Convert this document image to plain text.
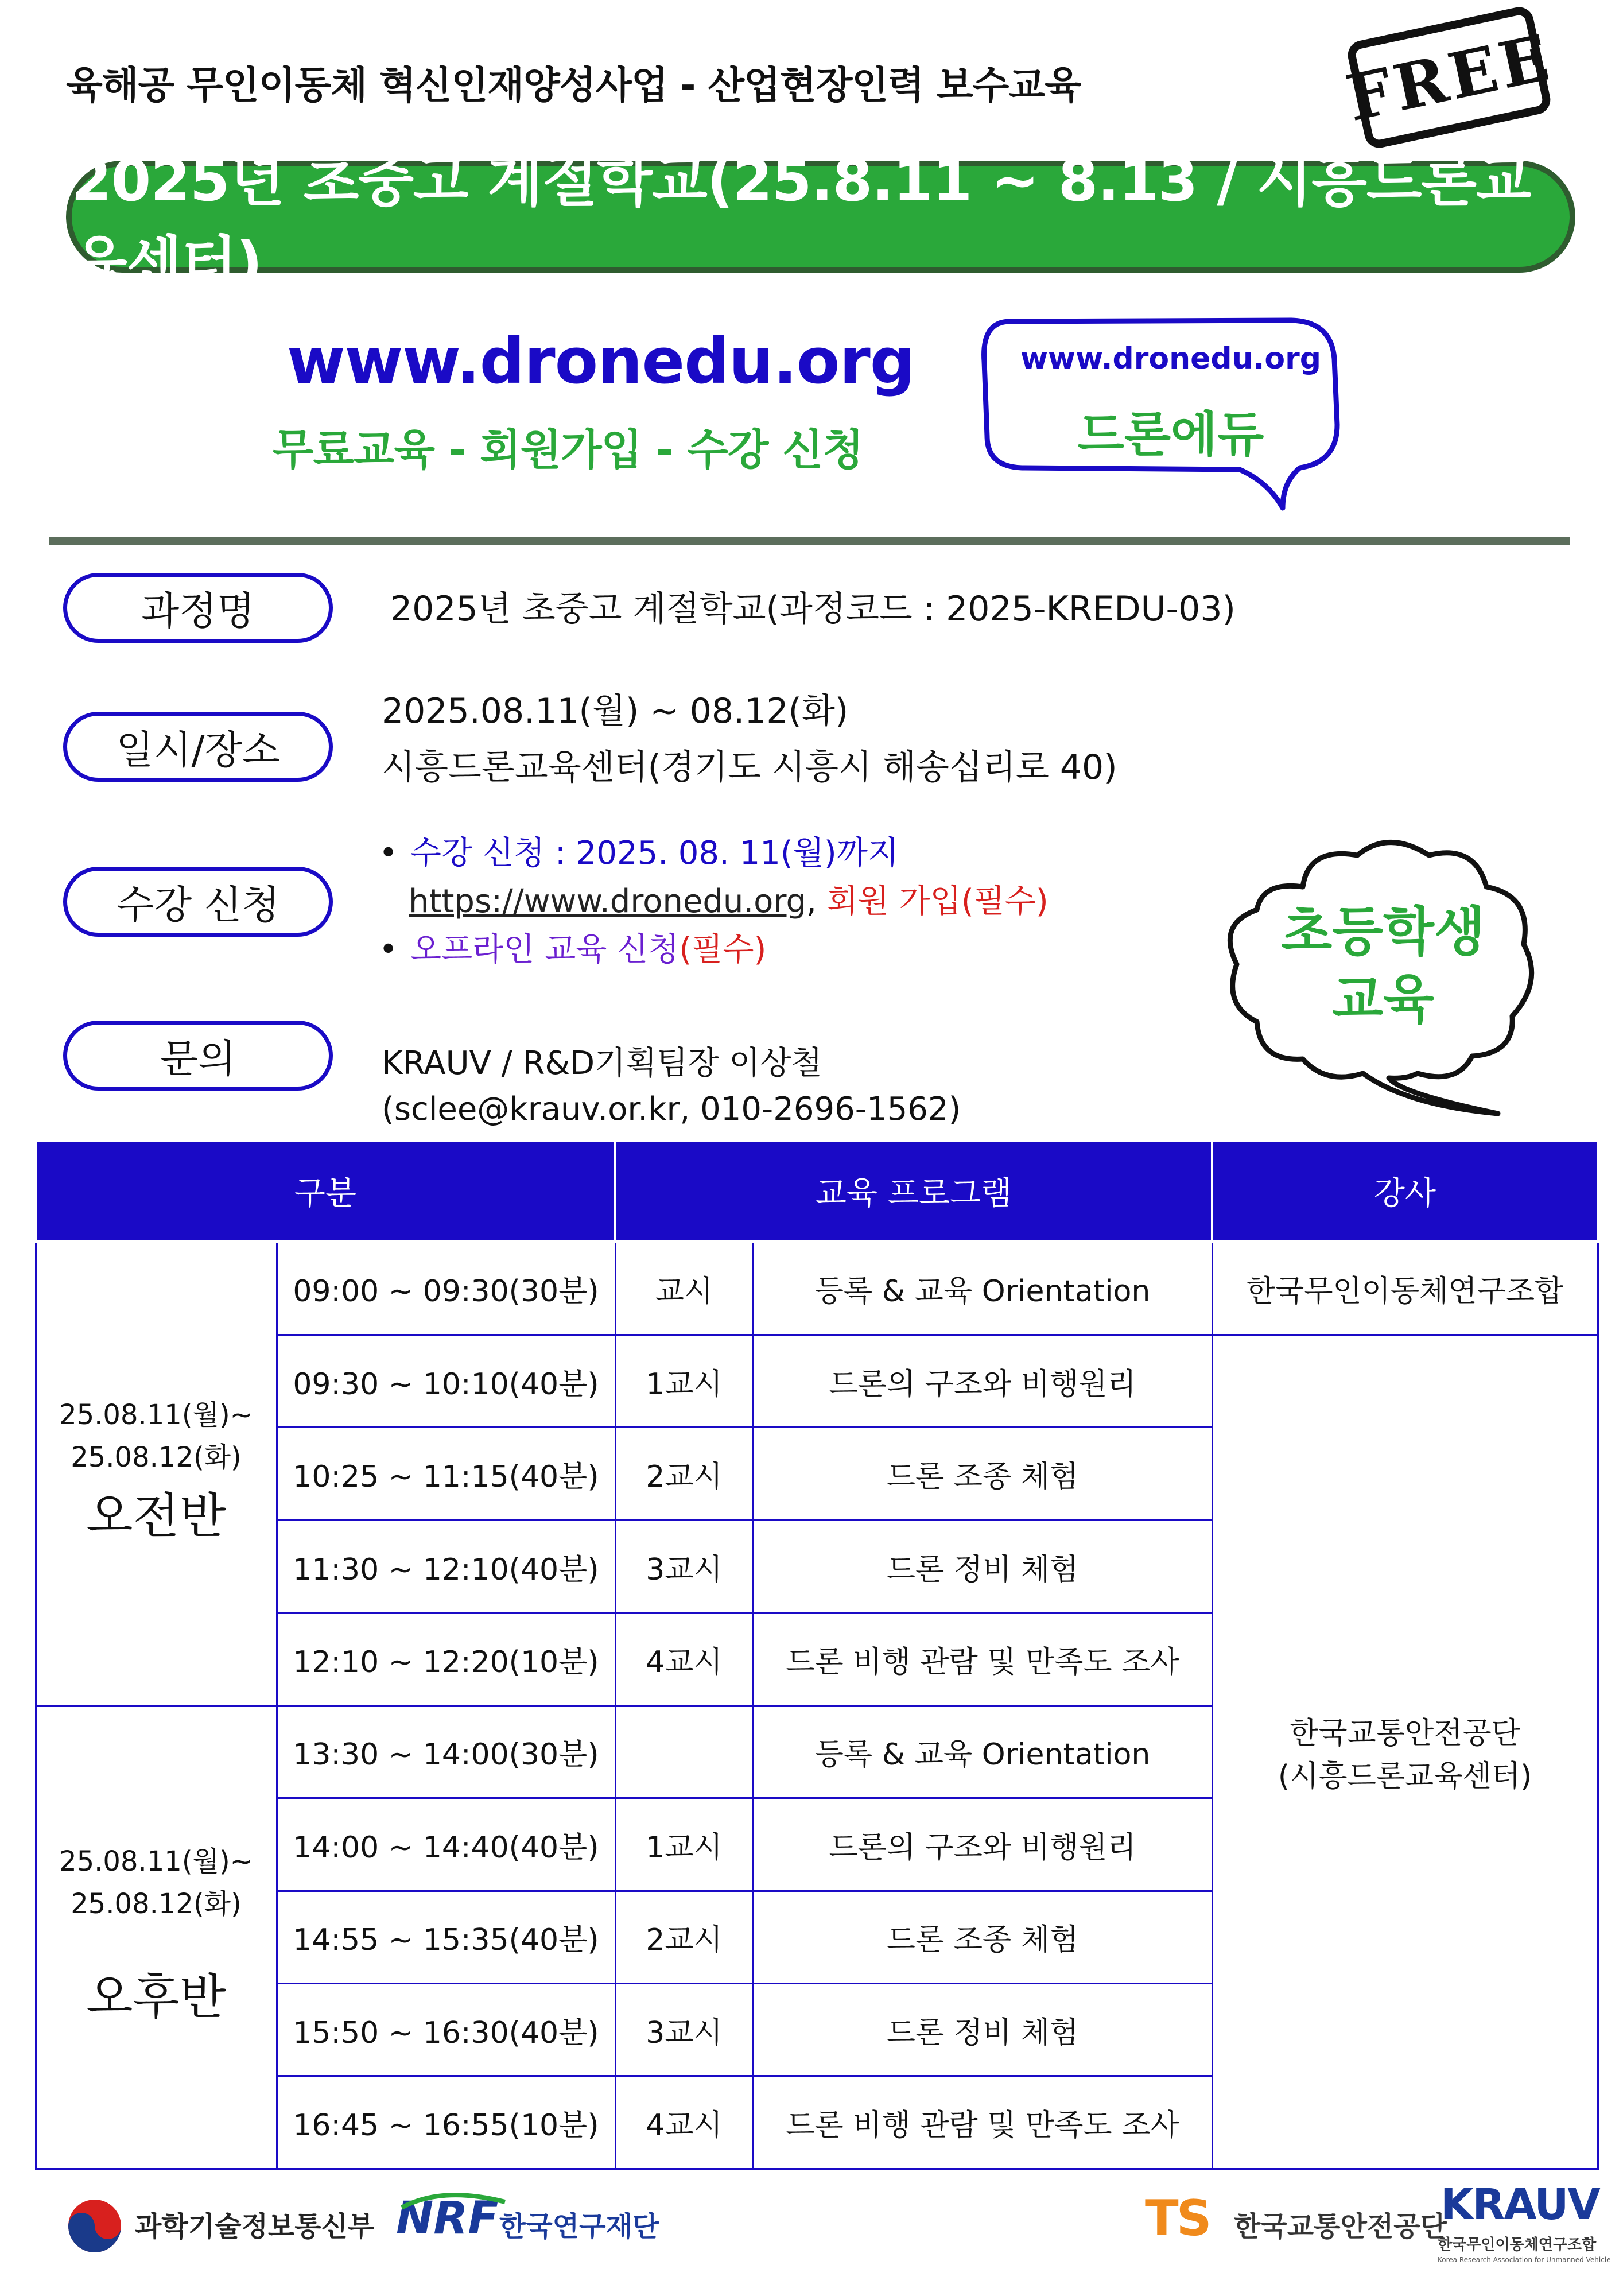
육해공 무인이동체 혁신인재양성사업 - 산업현장인력 보수교육	FREE
2025년 초중고 계절학교(25.8.11 ~ 8.13 / 시흥드론교육센터)
www.dronedu.org
무료교육 - 회원가입 - 수강 신청
www.dronedu.org
드론에듀
과정명	2025년 초중고 계절학교(과정코드 : 2025-KREDU-03)
일시/장소
2025.08.11(월) ~ 08.12(화)
시흥드론교육센터(경기도 시흥시 해송십리로 40)
수강 신청
• 수강 신청 : 2025. 08. 11(월)까지
https://www.dronedu.org, 회원 가입(필수)
• 오프라인 교육 신청(필수)
문의	KRAUV / R&D기획팀장 이상철
(sclee@krauv.or.kr, 010-2696-1562)
초등학생
교육
구분		교육 프로그램		강사

25.08.11(월)~
25.08.12(화)
오전반	09:00 ~ 09:30(30분)	교시	등록 & 교육 Orientation	한국무인이동체연구조합
	09:30 ~ 10:10(40분)	1교시	드론의 구조와 비행원리	한국교통안전공단
(시흥드론교육센터)

	10:25 ~ 11:15(40분)	2교시	드론 조종 체험	
	11:30 ~ 12:10(40분)	3교시	드론 정비 체험	
	12:10 ~ 12:20(10분)	4교시	드론 비행 관람 및 만족도 조사	

25.08.11(월)~
25.08.12(화)
오후반	13:30 ~ 14:00(30분)		등록 & 교육 Orientation	
	14:00 ~ 14:40(40분)	1교시	드론의 구조와 비행원리	
	14:55 ~ 15:35(40분)	2교시	드론 조종 체험	
	15:50 ~ 16:30(40분)	3교시	드론 정비 체험	
	16:45 ~ 16:55(10분)	4교시	드론 비행 관람 및 만족도 조사	
과학기술정보통신부 NRF 한국연구재단	TS 한국교통안전공단
KRAUV
한국무인이동체연구조합
Korea Research Association for Unmanned Vehicle
